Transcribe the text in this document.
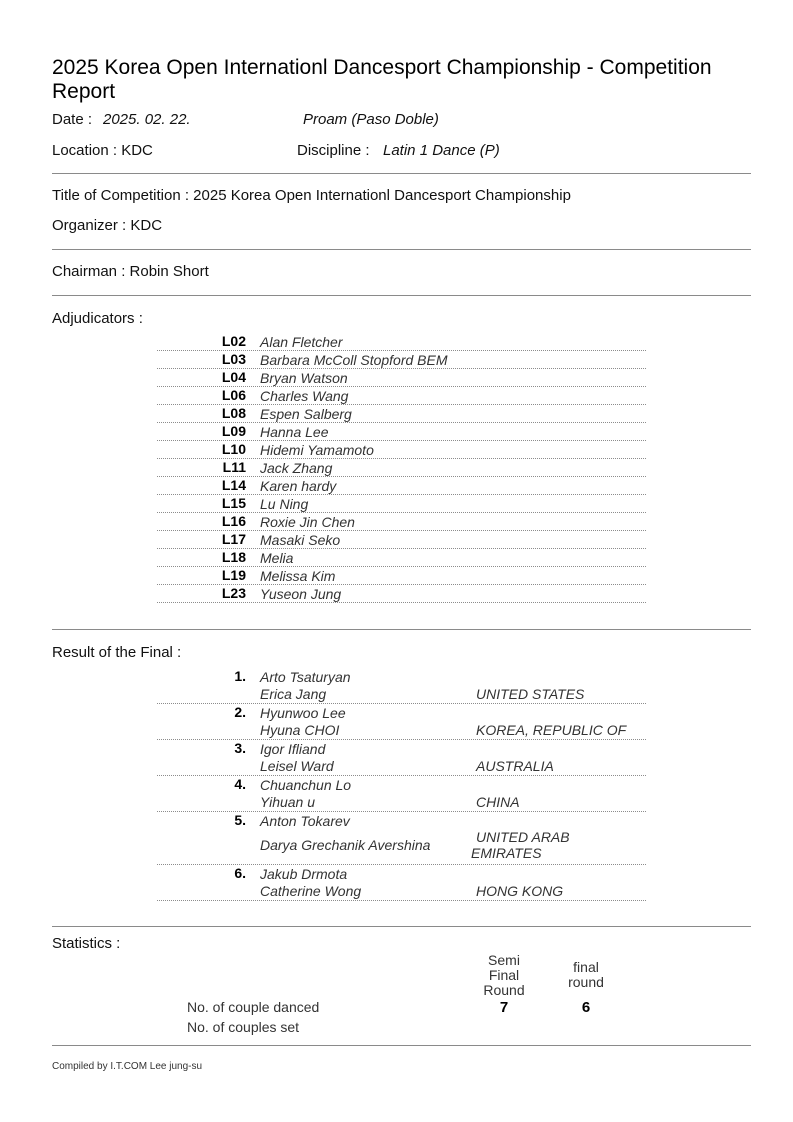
2025 Korea Open Internationl Dancesport Championship - Competition Report
Date : 2025. 02. 22.	Proam (Paso Doble)
Location : KDC	Discipline : Latin 1 Dance (P)
Title of Competition : 2025 Korea Open Internationl Dancesport Championship
Organizer : KDC
Chairman : Robin Short
Adjudicators :
L02 Alan Fletcher
L03 Barbara McColl Stopford BEM
L04 Bryan Watson
L06 Charles Wang
L08 Espen Salberg
L09 Hanna Lee
L10 Hidemi Yamamoto
L11 Jack Zhang
L14 Karen hardy
L15 Lu Ning
L16 Roxie Jin Chen
L17 Masaki Seko
L18 Melia
L19 Melissa Kim
L23 Yuseon Jung
Result of the Final :
1. Arto Tsaturyan
Erica Jang	UNITED STATES
2. Hyunwoo Lee
Hyuna CHOI	KOREA, REPUBLIC OF
3. Igor Ifliand
Leisel Ward	AUSTRALIA
4. Chuanchun Lo
Yihuan u	CHINA
5. Anton Tokarev
Darya Grechanik Avershina	UNITED ARAB
EMIRATES
6. Jakub Drmota
Catherine Wong	HONG KONG
Statistics :
Semi Final Round
final round
No. of couple danced	7	6
No. of couples set
Compiled by I.T.COM Lee jung-su
